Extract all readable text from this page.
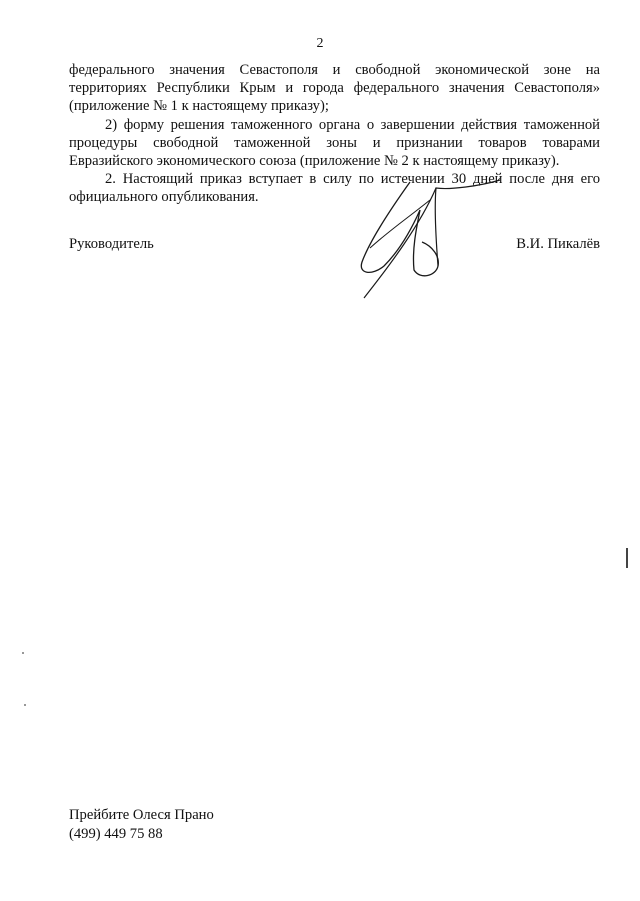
2

федерального значения Севастополя и свободной экономической зоне на территориях Республики Крым и города федерального значения Севастополя» (приложение № 1 к настоящему приказу);

2) форму решения таможенного органа о завершении действия таможенной процедуры свободной таможенной зоны и признании товаров товарами Евразийского экономического союза (приложение № 2 к настоящему приказу).

2. Настоящий приказ вступает в силу по истечении 30 дней после дня его официального опубликования.

Руководитель	В.И. Пикалёв
Прейбите Олеся Прано
(499) 449 75 88
